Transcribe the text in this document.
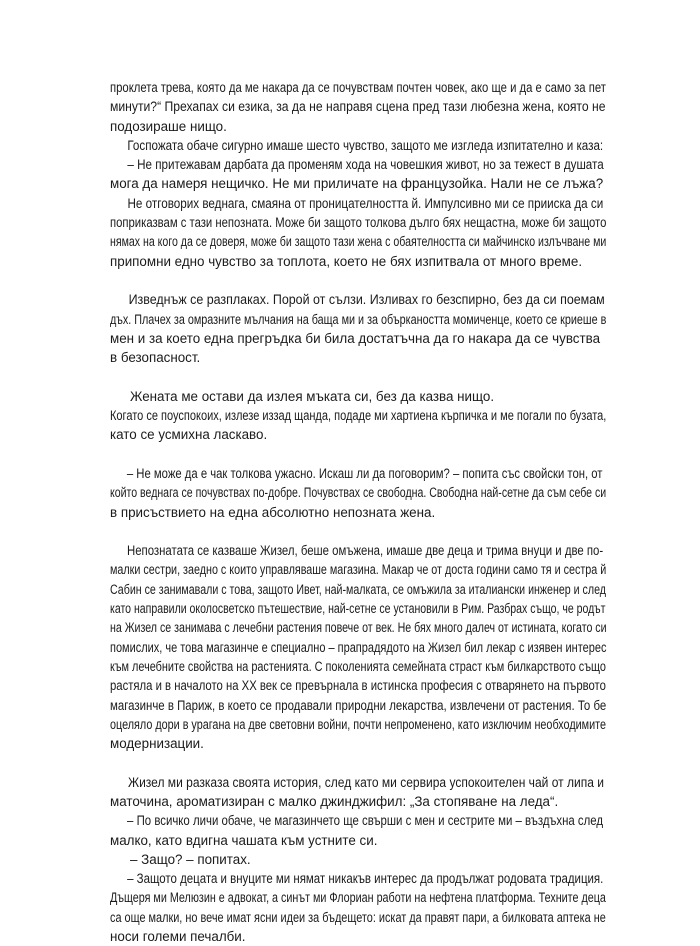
проклета трева, която да ме накара да се почувствам почтен човек, ако ще и да е само за пет
минути?“ Прехапах си езика, за да не направя сцена пред тази любезна жена, която не
подозираше нищо.
Госпожата обаче сигурно имаше шесто чувство, защото ме изгледа изпитателно и каза:
– Не притежавам дарбата да променям хода на човешкия живот, но за тежест в душата
мога да намеря нещичко. Не ми приличате на французойка. Нали не се лъжа?
Не отговорих веднага, смаяна от проницателността й. Импулсивно ми се приискa да си
поприказвам с тази непозната. Може би защото толкова дълго бях нещастна, може би защото
нямах на кого да се доверя, може би защото тази жена с обаятелността си майчинско излъчване ми
припомни едно чувство за топлота, което не бях изпитвала от много време.
Изведнъж се разплаках. Порой от сълзи. Изливах го безспирно, без да си поемам
дъх. Плачех за омразните мълчания на баща ми и за объркаността момиченце, което се криеше в
мен и за което една прегръдка би била достатъчна да го накара да се чувства
в безопасност.
Жената ме остави да излея мъката си, без да казва нищо.
Когато се поуспокоих, излезе иззад щанда, подаде ми хартиена кърпичка и ме погали по бузата,
като се усмихна ласкаво.
– Не може да е чак толкова ужасно. Искаш ли да поговорим? – попита със свойски тон, от
който веднага се почувствах по-добре. Почувствах се свободна. Свободна най-сетне да съм себе си
в присъствието на една абсолютно непозната жена.
Непознатата се казваше Жизел, беше омъжена, имаше две деца и трима внуци и две по-
малки сестри, заедно с които управляваше магазина. Макар че от доста години само тя и сестра й
Сабин се занимавали с това, защото Ивет, най-малката, се омъжила за италиански инженер и след
като направили околосветско пътешествие, най-сетне се установили в Рим. Разбрах също, че родът
на Жизел се занимава с лечебни растения повече от век. Не бях много далеч от истината, когато си
помислих, че това магазинче е специално – прапрадядото на Жизел бил лекар с изявен интерес
към лечебните свойства на растенията. С поколенията семейната страст към билкарството също
растяла и в началото на XX век се превърнала в истинска професия с отварянето на първото
магазинче в Париж, в което се продавали природни лекарства, извлечени от растения. То бе
оцеляло дори в урагана на две световни войни, почти непроменено, като изключим необходимите
модернизации.
Жизел ми разказа своята история, след като ми сервира успокоителен чай от липа и
маточина, ароматизиран с малко джинджифил: „За стопяване на леда“.
– По всичко личи обаче, че магазинчето ще свърши с мен и сестрите ми – въздъхна след
малко, като вдигна чашата към устните си.
– Защо? – попитах.
– Защото децата и внуците ми нямат никакъв интерес да продължат родовата традиция.
Дъщеря ми Мелюзин е адвокат, а синът ми Флориан работи на нефтена платформа. Техните деца
са още малки, но вече имат ясни идеи за бъдещето: искат да правят пари, а билковата аптека не
носи големи печалби.
